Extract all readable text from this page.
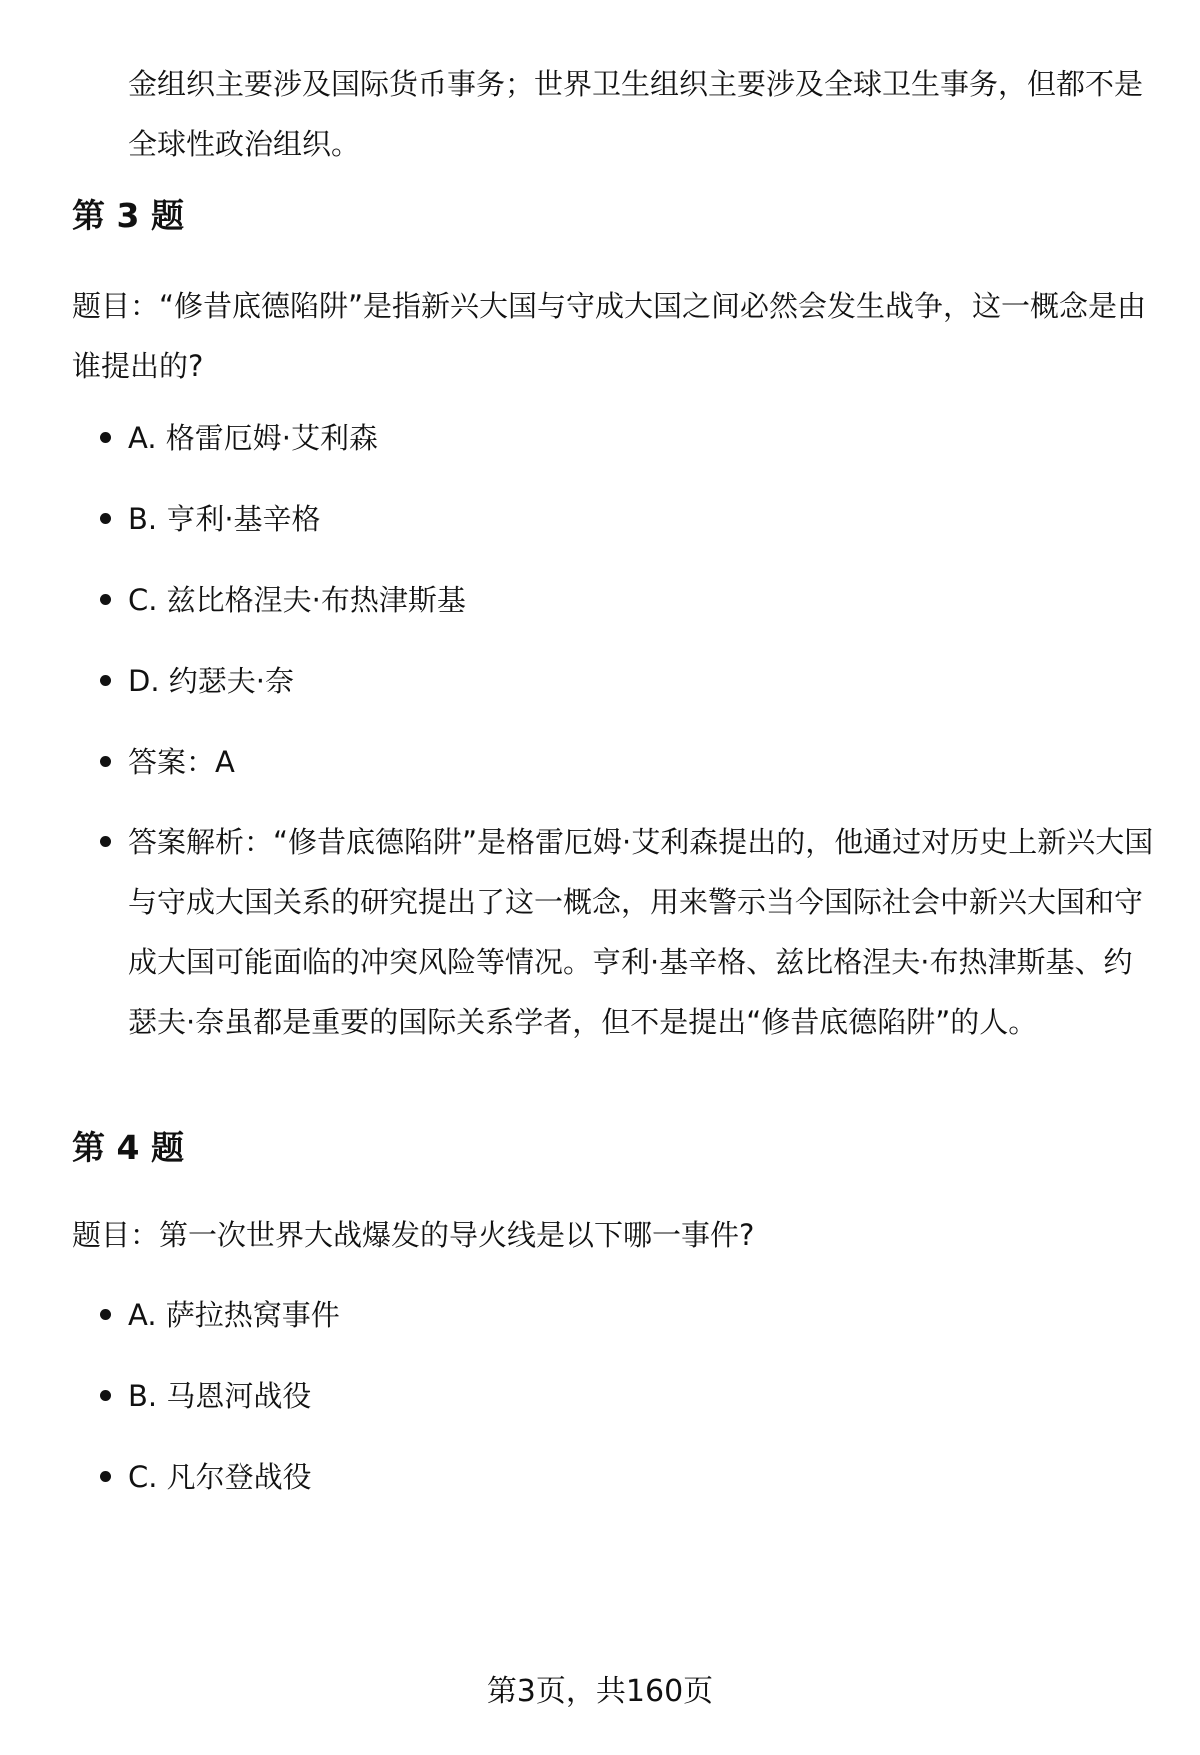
金组织主要涉及国际货币事务；世界卫生组织主要涉及全球卫生事务，但都不是全球性政治组织。

第 3 题

题目：“修昔底德陷阱”是指新兴大国与守成大国之间必然会发生战争，这一概念是由谁提出的?

A. 格雷厄姆·艾利森
B. 亨利·基辛格
C. 兹比格涅夫·布热津斯基
D. 约瑟夫·奈
答案：A
答案解析：“修昔底德陷阱”是格雷厄姆·艾利森提出的，他通过对历史上新兴大国与守成大国关系的研究提出了这一概念，用来警示当今国际社会中新兴大国和守成大国可能面临的冲突风险等情况。亨利·基辛格、兹比格涅夫·布热津斯基、约瑟夫·奈虽都是重要的国际关系学者，但不是提出“修昔底德陷阱”的人。
第 4 题

题目：第一次世界大战爆发的导火线是以下哪一事件?

A. 萨拉热窝事件
B. 马恩河战役
C. 凡尔登战役

第3页，共160页
